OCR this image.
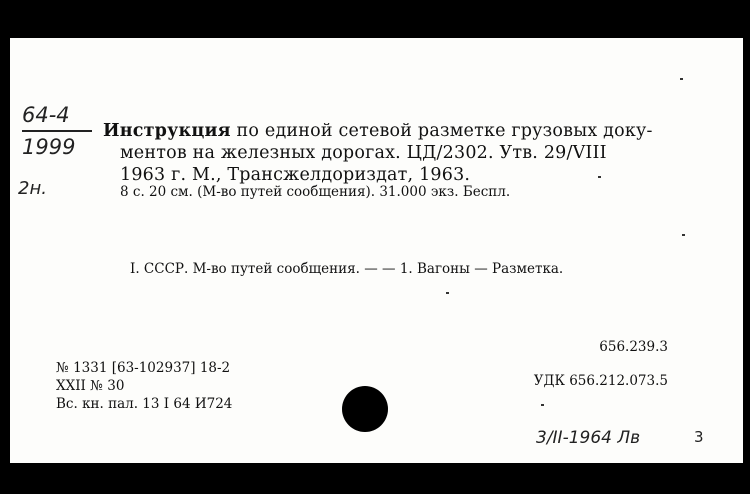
64-4
1999
2н.
Инструкция по единой сетевой разметке грузовых доку-
ментов на железных дорогах. ЦД/2302. Утв. 29/VIII
1963 г. М., Трансжелдориздат, 1963.
8 с. 20 см. (М-во путей сообщения). 31.000 экз. Беспл.
I. СССР. М-во путей сообщения. — — 1. Вагоны — Разметка.
656.239.3
УДК 656.212.073.5
№ 1331 [63-102937] 18-2
XXII № 30
Вс. кн. пал. 13 I 64 И724
3/II-1964 Лв	3
